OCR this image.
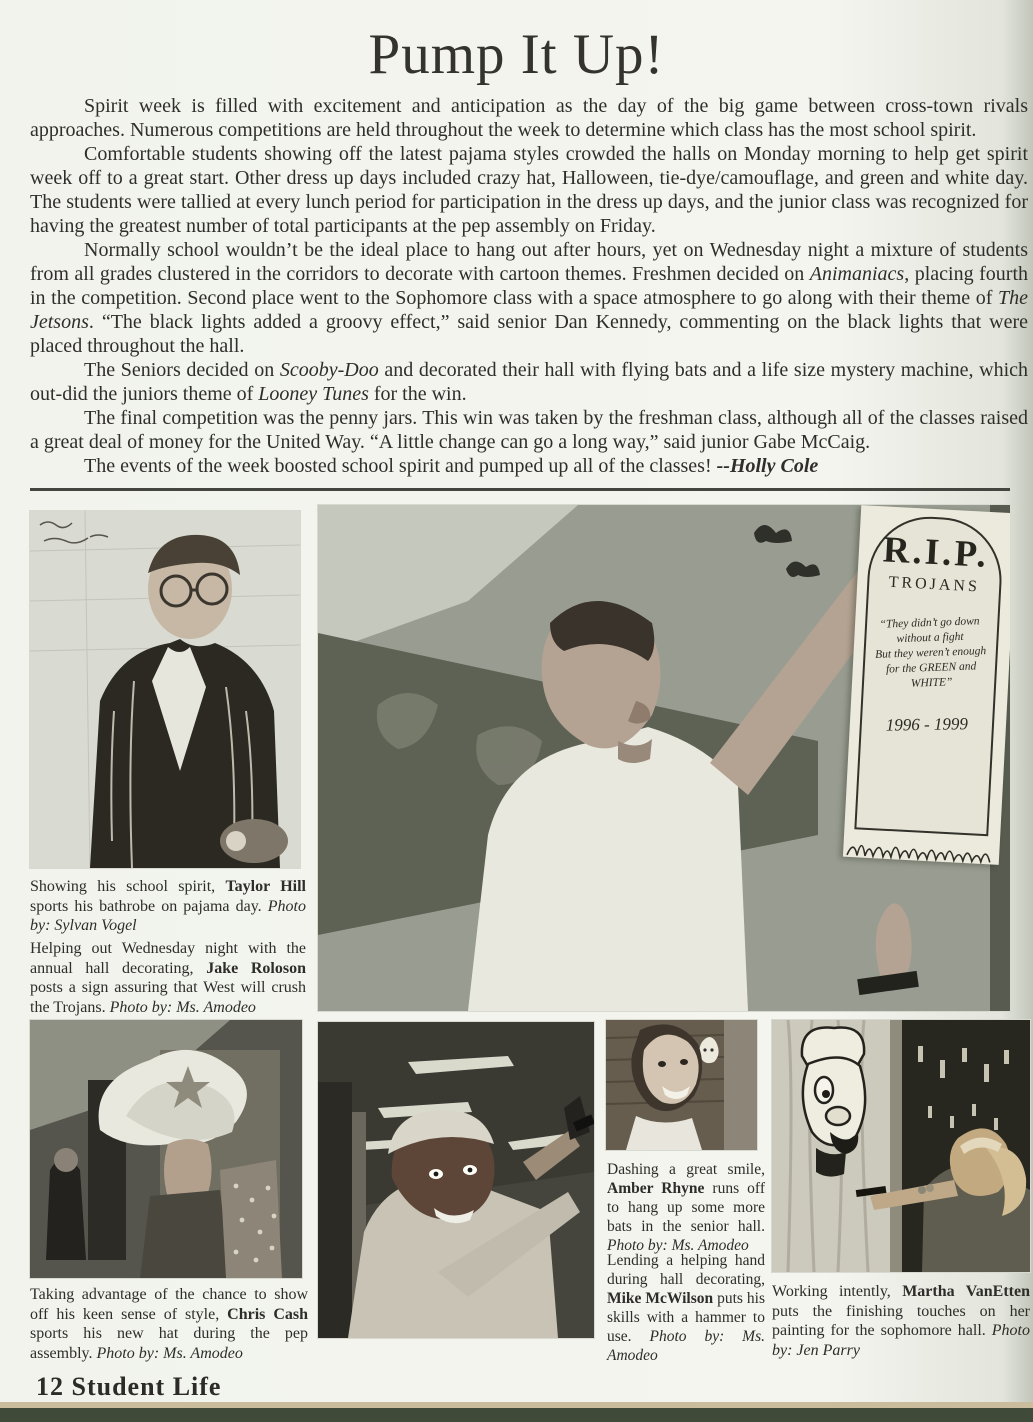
Pump It Up!

Spirit week is filled with excitement and anticipation as the day of the big game between cross-town rivals approaches. Numerous competitions are held throughout the week to determine which class has the most school spirit.

Comfortable students showing off the latest pajama styles crowded the halls on Monday morning to help get spirit week off to a great start. Other dress up days included crazy hat, Halloween, tie-dye/camouflage, and green and white day. The students were tallied at every lunch period for participation in the dress up days, and the junior class was recognized for having the greatest number of total participants at the pep assembly on Friday.

Normally school wouldn’t be the ideal place to hang out after hours, yet on Wednesday night a mixture of students from all grades clustered in the corridors to decorate with cartoon themes. Freshmen decided on Animaniacs, placing fourth in the competition. Second place went to the Sophomore class with a space atmosphere to go along with their theme of The Jetsons. “The black lights added a groovy effect,” said senior Dan Kennedy, commenting on the black lights that were placed throughout the hall.

The Seniors decided on Scooby-Doo and decorated their hall with flying bats and a life size mystery machine, which out-did the juniors theme of Looney Tunes for the win.

The final competition was the penny jars. This win was taken by the freshman class, although all of the classes raised a great deal of money for the United Way. “A little change can go a long way,” said junior Gabe McCaig.

The events of the week boosted school spirit and pumped up all of the classes! --Holly Cole

R.I.P.
TROJANS
“They didn’t go down
without a fight
But they weren’t enough
for the GREEN and WHITE”
1996 - 1999
Showing his school spirit, Taylor Hill sports his bathrobe on pajama day. Photo by: Sylvan Vogel
Helping out Wednesday night with the annual hall decorating, Jake Roloson posts a sign assuring that West will crush the Trojans. Photo by: Ms. Amodeo
Taking advantage of the chance to show off his keen sense of style, Chris Cash sports his new hat during the pep assembly. Photo by: Ms. Amodeo
Dashing a great smile, Amber Rhyne runs off to hang up some more bats in the senior hall. Photo by: Ms. Amodeo
Lending a helping hand during hall decorating, Mike McWilson puts his skills with a hammer to use. Photo by: Ms. Amodeo
Working intently, Martha VanEtten puts the finishing touches on her painting for the sophomore hall. Photo by: Jen Parry
12 Student Life
